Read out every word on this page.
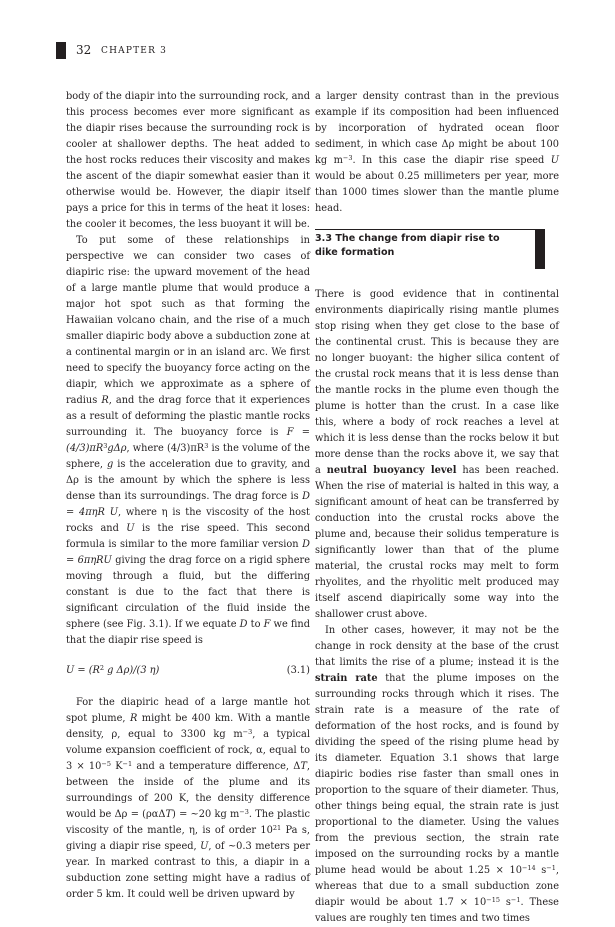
32 CHAPTER 3

body of the diapir into the surrounding rock, and this process becomes ever more significant as the diapir rises because the surrounding rock is cooler at shallower depths. The heat added to the host rocks reduces their viscosity and makes the ascent of the diapir somewhat easier than it otherwise would be. However, the diapir itself pays a price for this in terms of the heat it loses: the cooler it becomes, the less buoyant it will be.

To put some of these relationships in perspective we can consider two cases of diapiric rise: the upward movement of the head of a large mantle plume that would produce a major hot spot such as that forming the Hawaiian volcano chain, and the rise of a much smaller diapiric body above a subduction zone at a continental margin or in an island arc. We first need to specify the buoyancy force acting on the diapir, which we approximate as a sphere of radius R, and the drag force that it experiences as a result of deforming the plastic mantle rocks surrounding it. The buoyancy force is $F = (4/3)\pi R^3g\Delta\rho$, where $(4/3)\pi R^3$ is the volume of the sphere, g is the acceleration due to gravity, and Δρ is the amount by which the sphere is less dense than its surroundings. The drag force is D = 4πηR U, where η is the viscosity of the host rocks and U is the rise speed. This second formula is similar to the more familiar version D = 6πηRU giving the drag force on a rigid sphere moving through a fluid, but the differing constant is due to the fact that there is significant circulation of the fluid inside the sphere (see Fig. 3.1). If we equate D to F we find that the diapir rise speed is

$U = (R^2$ g Δρ)/(3 η)	(3.1)

For the diapiric head of a large mantle hot spot plume, R might be 400 km. With a mantle density, ρ, equal to 3300 kg $m^{-3}$, a typical volume expansion coefficient of rock, α, equal to $3 \times 10^{-5}$ $K^{-1}$ and a temperature difference, ΔT, between the inside of the plume and its surroundings of 200 K, the density difference would be Δρ = (ραΔT) = ~20 kg $m^{-3}$. The plastic viscosity of the mantle, η, is of order $10^{21}$ Pa s, giving a diapir rise speed, U, of ~0.3 meters per year. In marked contrast to this, a diapir in a subduction zone setting might have a radius of order 5 km. It could well be driven upward by

a larger density contrast than in the previous example if its composition had been influenced by incorporation of hydrated ocean floor sediment, in which case Δρ might be about 100 kg $m^{-3}$. In this case the diapir rise speed U would be about 0.25 millimeters per year, more than 1000 times slower than the mantle plume head.

3.3 The change from diapir rise to dike formation

There is good evidence that in continental environments diapirically rising mantle plumes stop rising when they get close to the base of the continental crust. This is because they are no longer buoyant: the higher silica content of the crustal rock means that it is less dense than the mantle rocks in the plume even though the plume is hotter than the crust. In a case like this, where a body of rock reaches a level at which it is less dense than the rocks below it but more dense than the rocks above it, we say that a neutral buoyancy level has been reached. When the rise of material is halted in this way, a significant amount of heat can be transferred by conduction into the crustal rocks above the plume and, because their solidus temperature is significantly lower than that of the plume material, the crustal rocks may melt to form rhyolites, and the rhyolitic melt produced may itself ascend diapirically some way into the shallower crust above.

In other cases, however, it may not be the change in rock density at the base of the crust that limits the rise of a plume; instead it is the strain rate that the plume imposes on the surrounding rocks through which it rises. The strain rate is a measure of the rate of deformation of the host rocks, and is found by dividing the speed of the rising plume head by its diameter. Equation 3.1 shows that large diapiric bodies rise faster than small ones in proportion to the square of their diameter. Thus, other things being equal, the strain rate is just proportional to the diameter. Using the values from the previous section, the strain rate imposed on the surrounding rocks by a mantle plume head would be about $1.25 \times 10^{-14}$ $s^{-1}$, whereas that due to a small subduction zone diapir would be about $1.7 \times 10^{-15}$ $s^{-1}$. These values are roughly ten times and two times
